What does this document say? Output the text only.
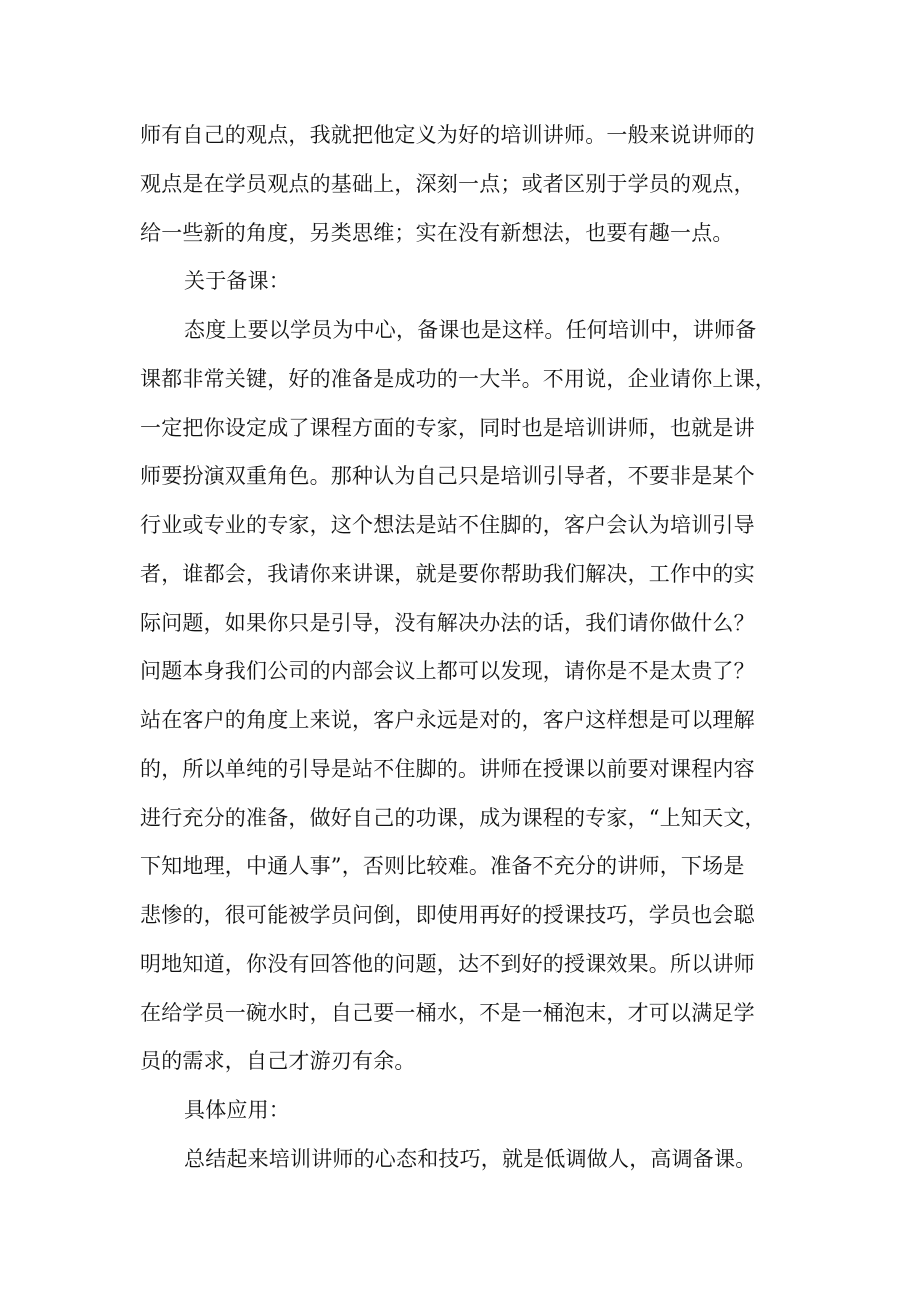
师有自己的观点，我就把他定义为好的培训讲师。一般来说讲师的
观点是在学员观点的基础上，深刻一点；或者区别于学员的观点，
给一些新的角度，另类思维；实在没有新想法，也要有趣一点。
关于备课：
态度上要以学员为中心，备课也是这样。任何培训中，讲师备
课都非常关键，好的准备是成功的一大半。不用说，企业请你上课，
一定把你设定成了课程方面的专家，同时也是培训讲师，也就是讲
师要扮演双重角色。那种认为自己只是培训引导者，不要非是某个
行业或专业的专家，这个想法是站不住脚的，客户会认为培训引导
者，谁都会，我请你来讲课，就是要你帮助我们解决，工作中的实
际问题，如果你只是引导，没有解决办法的话，我们请你做什么？
问题本身我们公司的内部会议上都可以发现，请你是不是太贵了？
站在客户的角度上来说，客户永远是对的，客户这样想是可以理解
的，所以单纯的引导是站不住脚的。讲师在授课以前要对课程内容
进行充分的准备，做好自己的功课，成为课程的专家，“上知天文，
下知地理，中通人事”，否则比较难。准备不充分的讲师，下场是
悲惨的，很可能被学员问倒，即使用再好的授课技巧，学员也会聪
明地知道，你没有回答他的问题，达不到好的授课效果。所以讲师
在给学员一碗水时，自己要一桶水，不是一桶泡末，才可以满足学
员的需求，自己才游刃有余。
具体应用：
总结起来培训讲师的心态和技巧，就是低调做人，高调备课。
